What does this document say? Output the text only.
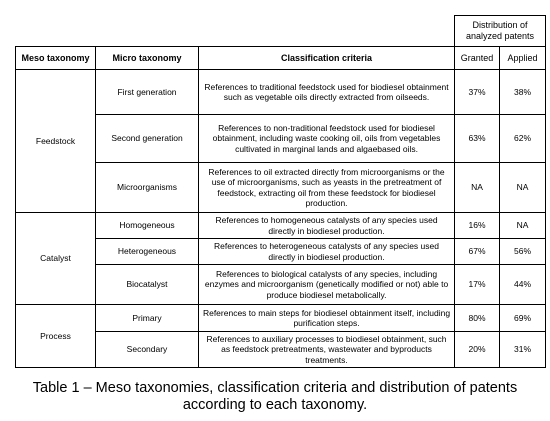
			Distribution of analyzed patents	
Meso taxonomy	Micro taxonomy	Classification criteria	Granted	Applied
Feedstock	First generation	References to traditional feedstock used for biodiesel obtainment such as vegetable oils directly extracted from oilseeds.	37%	38%
	Second generation	References to non-traditional feedstock used for biodiesel obtainment, including waste cooking oil, oils from vegetables cultivated in marginal lands and algaebased oils.	63%	62%
	Microorganisms	References to oil extracted directly from microorganisms or the use of microorganisms, such as yeasts in the pretreatment of feedstock, extracting oil from these feedstock for biodiesel production.	NA	NA
Catalyst	Homogeneous	References to homogeneous catalysts of any species used directly in biodiesel production.	16%	NA
	Heterogeneous	References to heterogeneous catalysts of any species used directly in biodiesel production.	67%	56%
	Biocatalyst	References to biological catalysts of any species, including enzymes and microorganism (genetically modified or not) able to produce biodiesel metabolically.	17%	44%
Process	Primary	References to main steps for biodiesel obtainment itself, including purification steps.	80%	69%
	Secondary	References to auxiliary processes to biodiesel obtainment, such as feedstock pretreatments, wastewater and byproducts treatments.	20%	31%
Table 1 – Meso taxonomies, classification criteria and distribution of patents according to each taxonomy.
